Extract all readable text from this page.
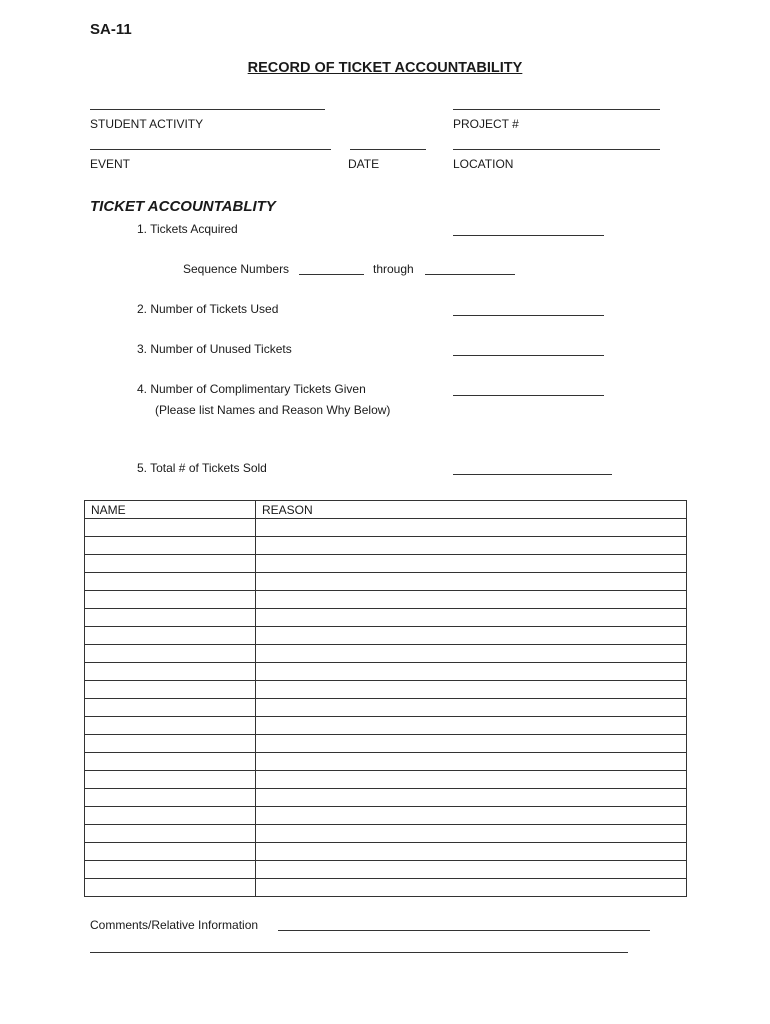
SA-11
RECORD OF TICKET ACCOUNTABILITY
STUDENT ACTIVITY	PROJECT #
EVENT	DATE	LOCATION
TICKET ACCOUNTABLITY
1. Tickets Acquired
Sequence Numbers	through
2. Number of Tickets Used
3. Number of Unused Tickets
4. Number of Complimentary Tickets Given
(Please list Names and Reason Why Below)
5. Total # of Tickets Sold
NAME	REASON

Comments/Relative Information
